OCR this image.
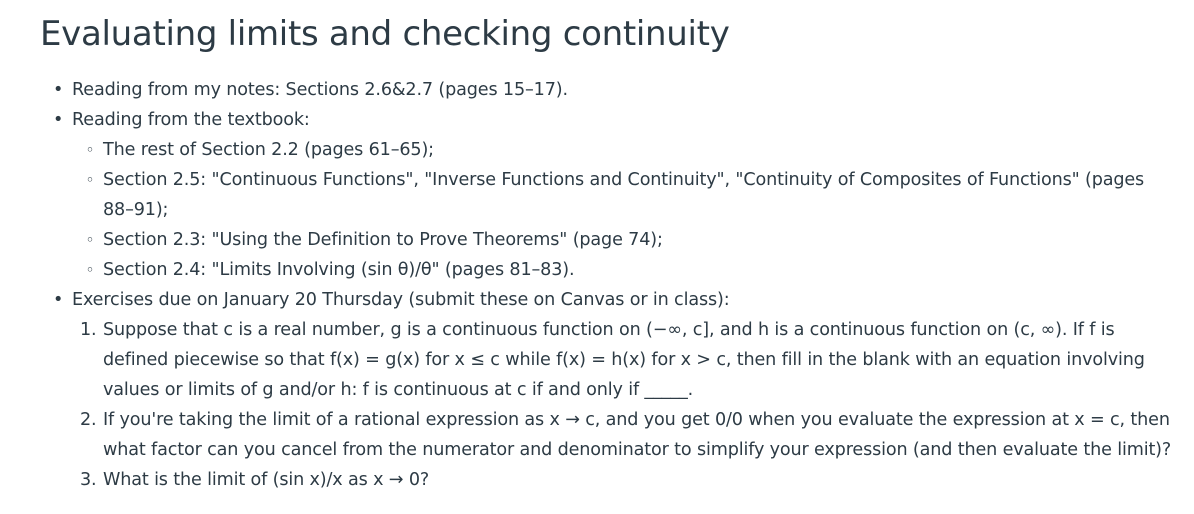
Evaluating limits and checking continuity
• Reading from my notes: Sections 2.6&2.7 (pages 15–17).
• Reading from the textbook:
◦ The rest of Section 2.2 (pages 61–65);
◦ Section 2.5: "Continuous Functions", "Inverse Functions and Continuity", "Continuity of Composites of Functions" (pages 88–91);
◦ Section 2.3: "Using the Definition to Prove Theorems" (page 74);
◦ Section 2.4: "Limits Involving (sin θ)/θ" (pages 81–83).
• Exercises due on January 20 Thursday (submit these on Canvas or in class):
1. Suppose that c is a real number, g is a continuous function on (−∞, c], and h is a continuous function on (c, ∞). If f is defined piecewise so that f(x) = g(x) for x ≤ c while f(x) = h(x) for x > c, then fill in the blank with an equation involving values or limits of g and/or h: f is continuous at c if and only if _____.
2. If you're taking the limit of a rational expression as x → c, and you get 0/0 when you evaluate the expression at x = c, then what factor can you cancel from the numerator and denominator to simplify your expression (and then evaluate the limit)?
3. What is the limit of (sin x)/x as x → 0?
